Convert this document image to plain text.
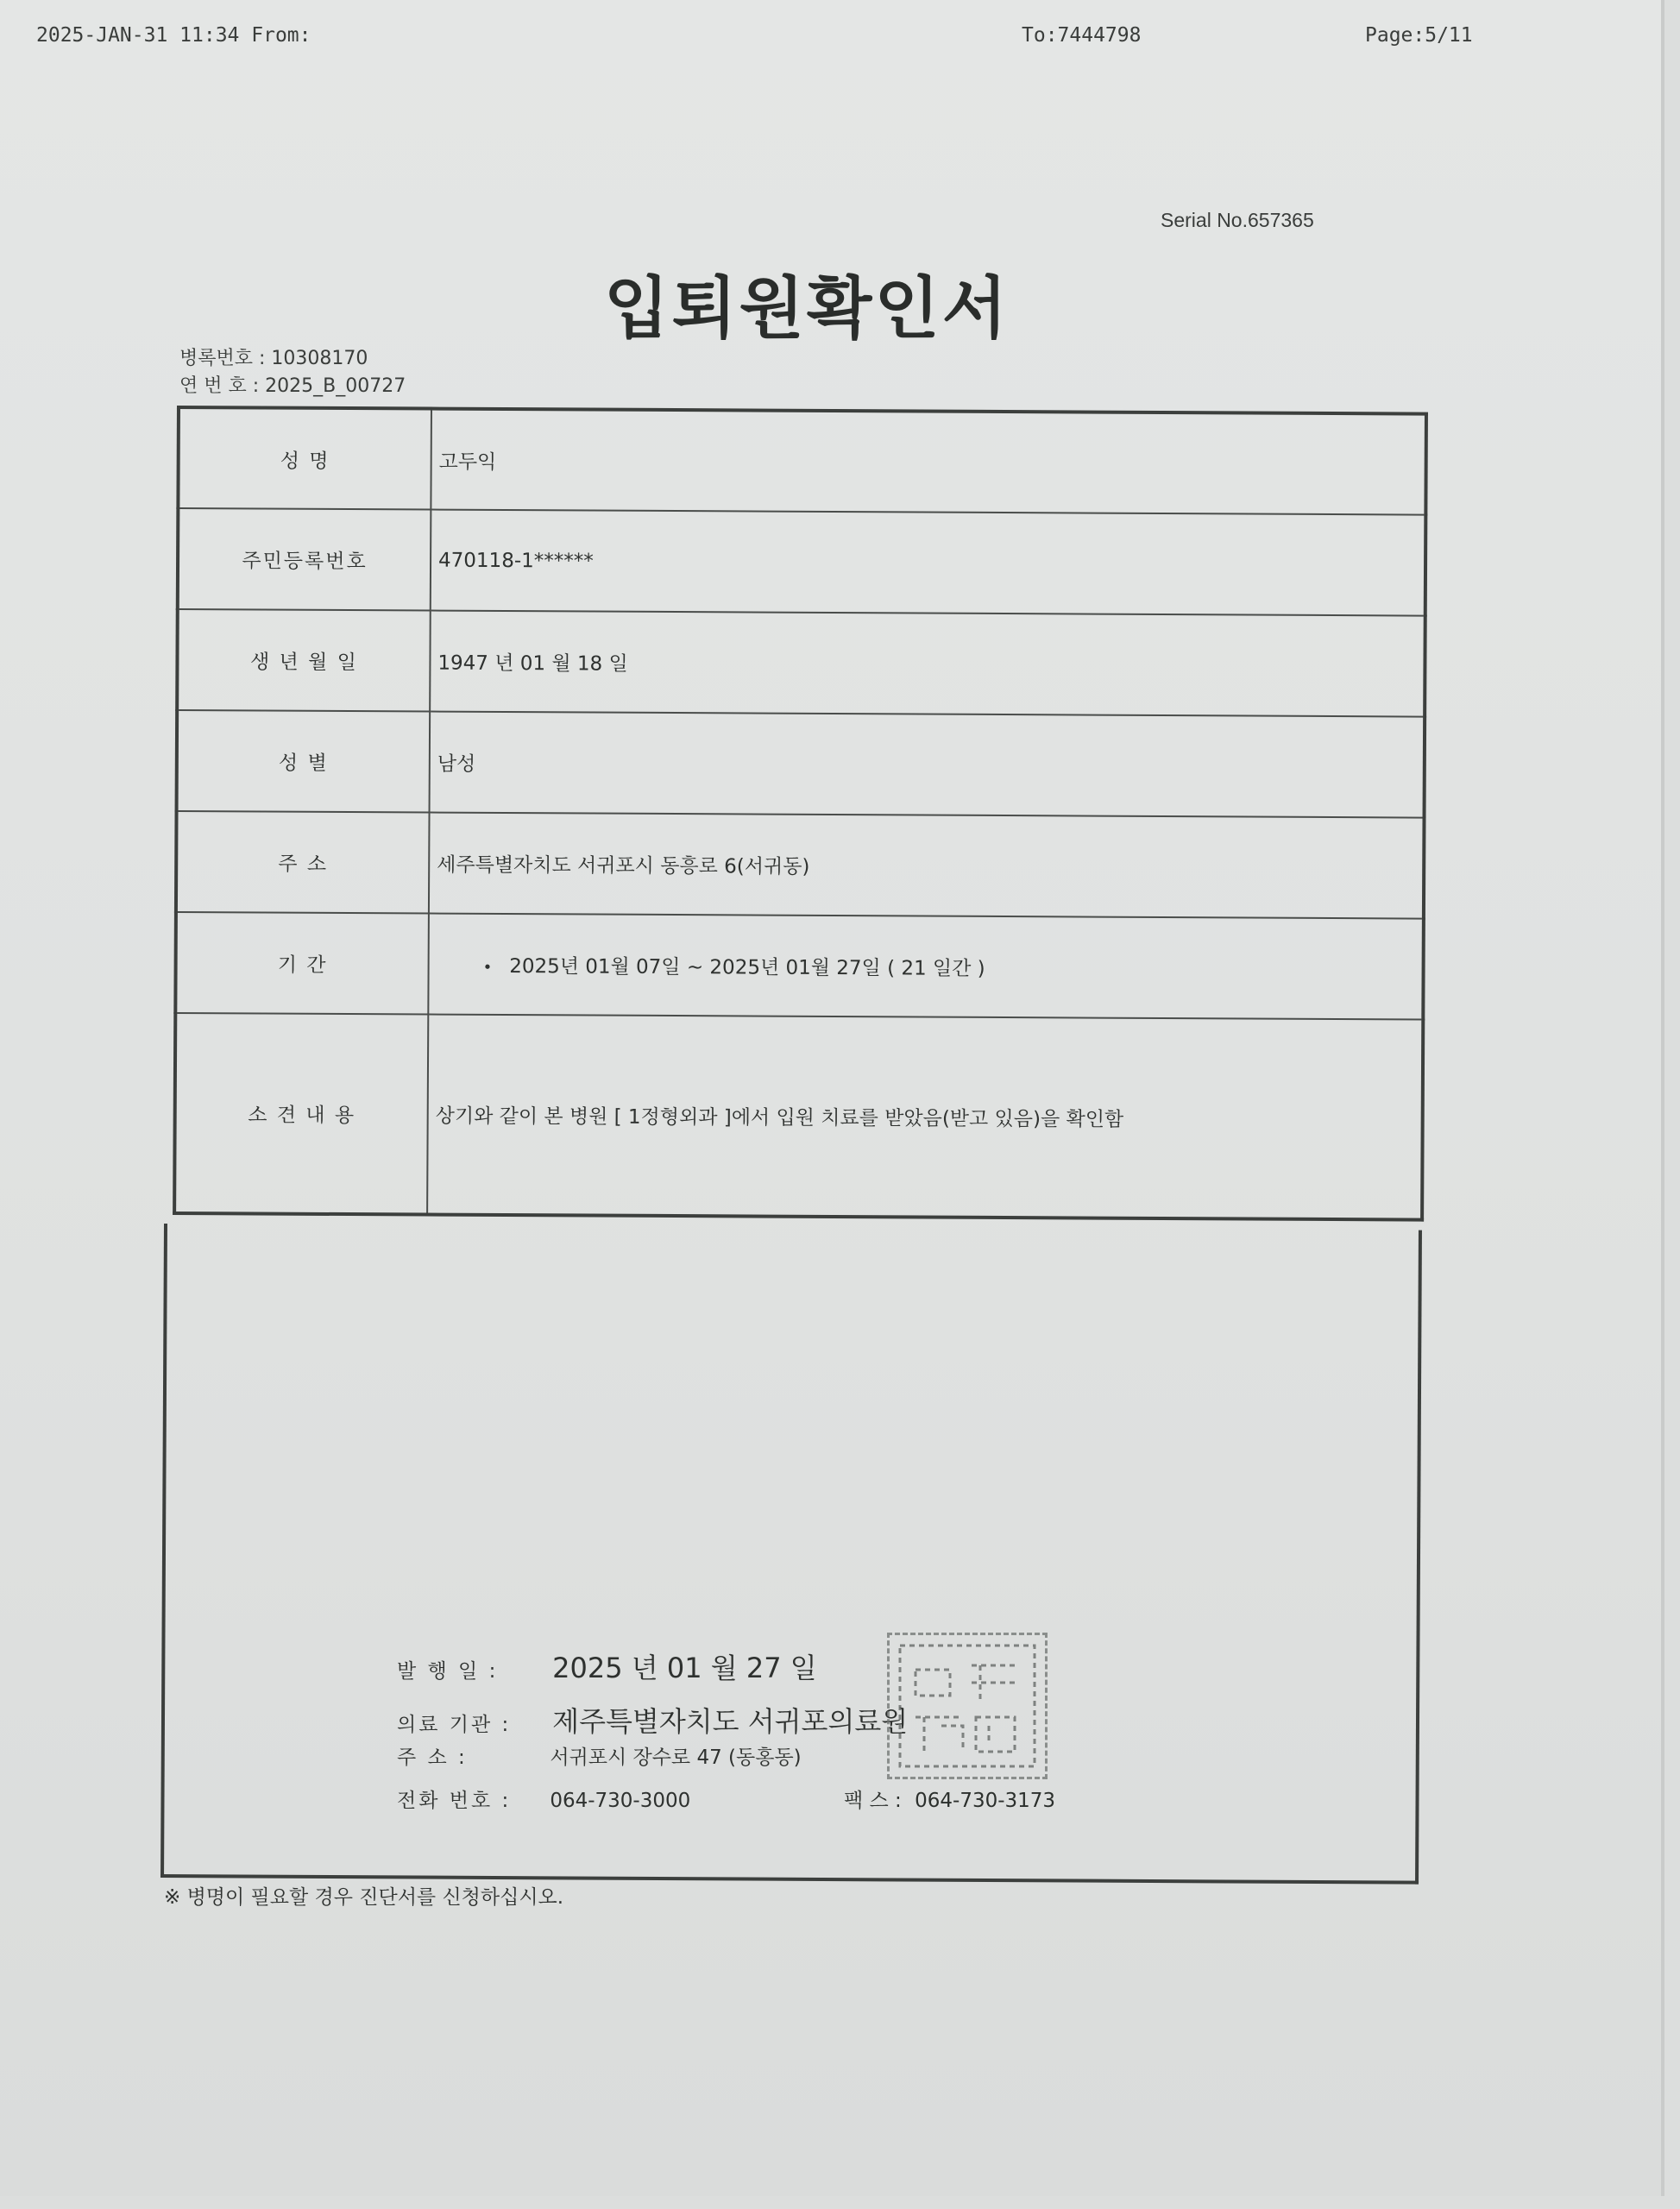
2025-JAN-31 11:34 From:	To:7444798	Page:5/11
Serial No.657365
입퇴원확인서
병록번호 : 10308170
연 번 호 : 2025_B_00727
성 명	고두익
주민등록번호	470118-1******
생 년 월 일	1947 년 01 월 18 일
성 별	남성
주 소	세주특별자치도 서귀포시 동흥로 6(서귀동)
기 간	• 2025년 01월 07일 ~ 2025년 01월 27일 ( 21 일간 )
소 견 내 용	상기와 같이 본 병원 [ 1정형외과 ]에서 입원 치료를 받았음(받고 있음)을 확인함
발 행 일 : 2025 년 01 월 27 일
의료 기관 : 제주특별자치도 서귀포의료원
주 소 :	서귀포시 장수로 47 (동홍동)
전화 번호 : 064-730-3000	팩 스 : 064-730-3173
※ 병명이 필요할 경우 진단서를 신청하십시오.
